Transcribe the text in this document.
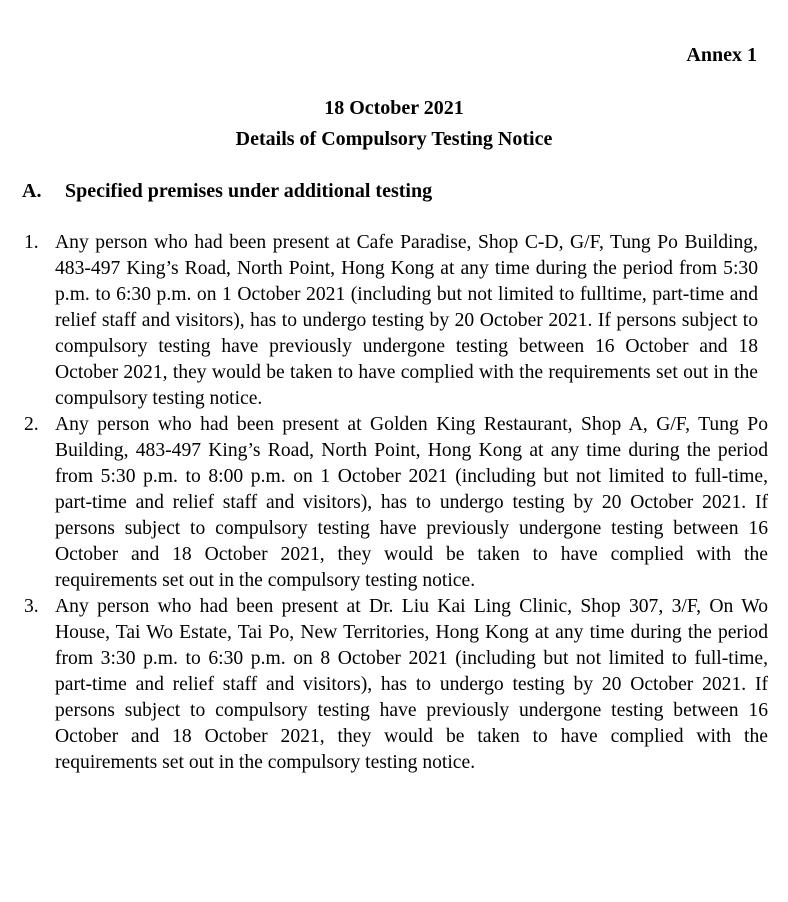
Annex 1
18 October 2021
Details of Compulsory Testing Notice
A. Specified premises under additional testing
1. Any person who had been present at Cafe Paradise, Shop C-D, G/F, Tung Po Building, 483-497 King’s Road, North Point, Hong Kong at any time during the period from 5:30 p.m. to 6:30 p.m. on 1 October 2021 (including but not limited to fulltime, part-time and relief staff and visitors), has to undergo testing by 20 October 2021. If persons subject to compulsory testing have previously undergone testing between 16 October and 18 October 2021, they would be taken to have complied with the requirements set out in the compulsory testing notice.
2. Any person who had been present at Golden King Restaurant, Shop A, G/F, Tung Po Building, 483-497 King’s Road, North Point, Hong Kong at any time during the period from 5:30 p.m. to 8:00 p.m. on 1 October 2021 (including but not limited to full-time, part-time and relief staff and visitors), has to undergo testing by 20 October 2021. If persons subject to compulsory testing have previously undergone testing between 16 October and 18 October 2021, they would be taken to have complied with the requirements set out in the compulsory testing notice.
3. Any person who had been present at Dr. Liu Kai Ling Clinic, Shop 307, 3/F, On Wo House, Tai Wo Estate, Tai Po, New Territories, Hong Kong at any time during the period from 3:30 p.m. to 6:30 p.m. on 8 October 2021 (including but not limited to full-time, part-time and relief staff and visitors), has to undergo testing by 20 October 2021. If persons subject to compulsory testing have previously undergone testing between 16 October and 18 October 2021, they would be taken to have complied with the requirements set out in the compulsory testing notice.
